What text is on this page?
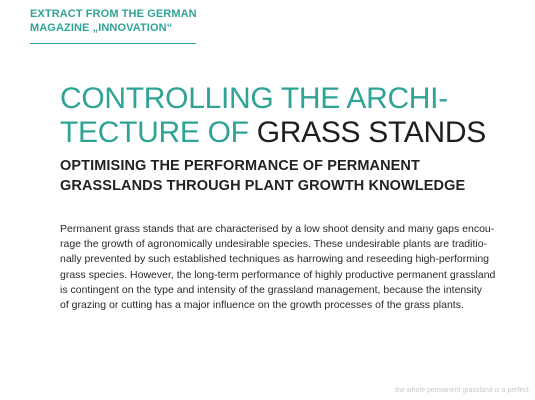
EXTRACT FROM THE GERMAN
MAGAZINE „INNOVATION“
CONTROLLING THE ARCHI-
TECTURE OF GRASS STANDS
OPTIMISING THE PERFORMANCE OF PERMANENT
GRASSLANDS THROUGH PLANT GROWTH KNOWLEDGE

Permanent grass stands that are characterised by a low shoot density and many gaps encou-
rage the growth of agronomically undesirable species. These undesirable plants are traditio-
nally prevented by such established techniques as harrowing and reseeding high-performing
grass species. However, the long-term performance of highly productive permanent grassland
is contingent on the type and intensity of the grassland management, because the intensity
of grazing or cutting has a major influence on the growth processes of the grass plants.

the whole permanent grassland is a perfect
